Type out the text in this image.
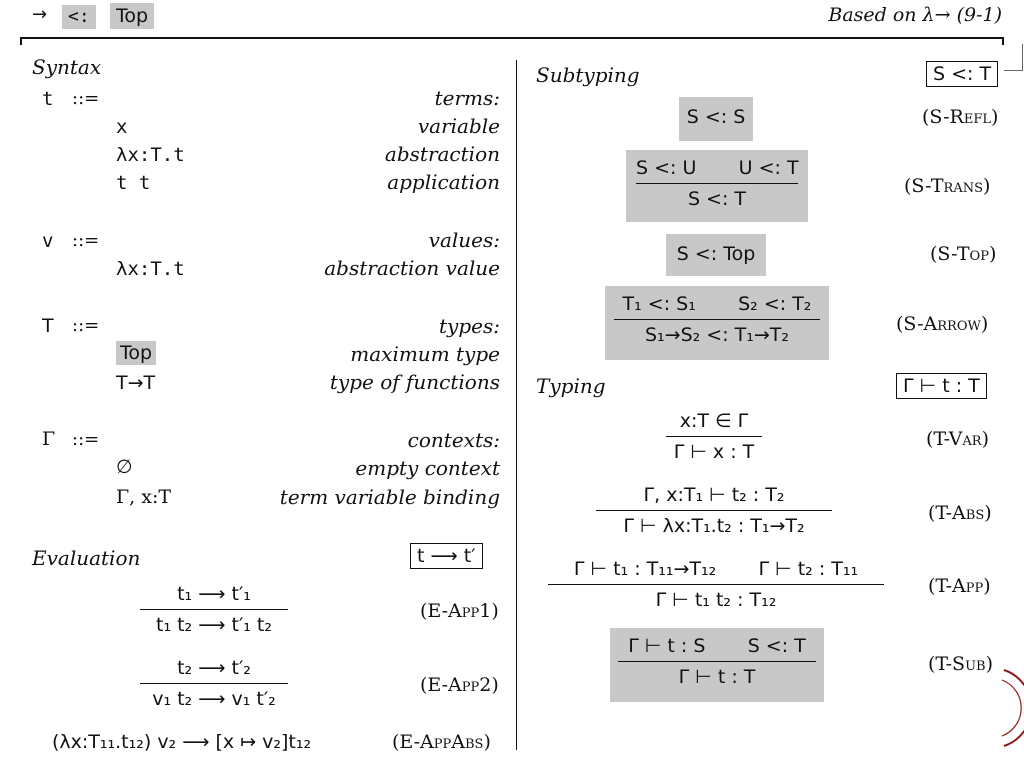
→	<:	Top	Based on λ→ (9-1)
Syntax
t ::=	terms:
x	variable
λx:T.t	abstraction
t t	application
v ::=	values:
λx:T.t	abstraction value
T ::=	types:
Top	maximum type
T→T	type of functions
Γ ::=	contexts:
∅	empty context
Γ, x:T	term variable binding
Evaluation	t ⟶ t′
t₁ ⟶ t′₁
t₁ t₂ ⟶ t′₁ t₂
(E-App1)
t₂ ⟶ t′₂
v₁ t₂ ⟶ v₁ t′₂
(E-App2)
(λx:T₁₁.t₁₂) v₂ ⟶ [x ↦ v₂]t₁₂	(E-AppAbs)
Subtyping	S <: T
S <: S	(S-Refl)
S <: U       U <: T
S <: T
(S-Trans)
S <: Top	(S-Top)
T₁ <: S₁       S₂ <: T₂
S₁→S₂ <: T₁→T₂	(S-Arrow)
Typing	Γ ⊢ t : T
x:T ∈ Γ
Γ ⊢ x : T
(T-Var)
Γ, x:T₁ ⊢ t₂ : T₂
Γ ⊢ λx:T₁.t₂ : T₁→T₂
(T-Abs)
Γ ⊢ t₁ : T₁₁→T₁₂       Γ ⊢ t₂ : T₁₁
Γ ⊢ t₁ t₂ : T₁₂
(T-App)
Γ ⊢ t : S       S <: T
Γ ⊢ t : T
(T-Sub)
